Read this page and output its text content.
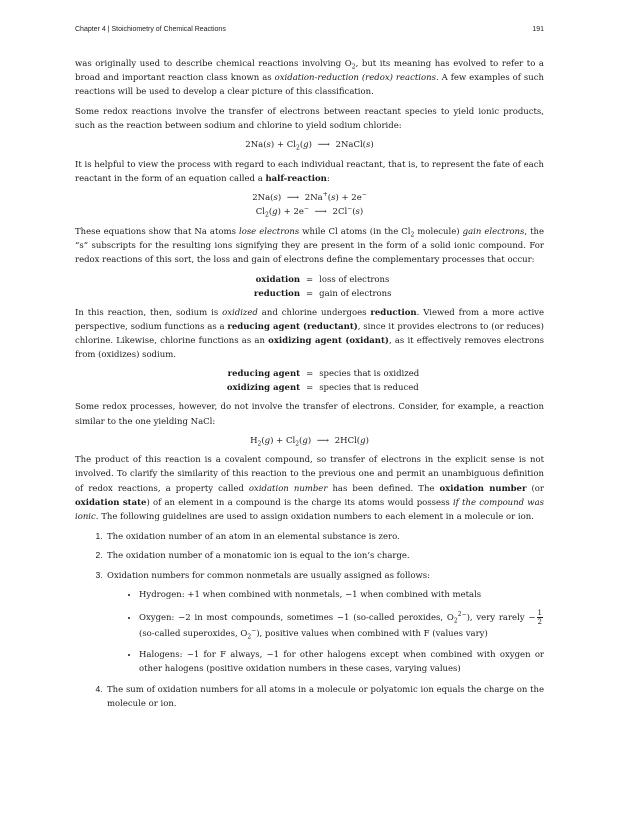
Chapter 4 | Stoichiometry of Chemical Reactions	191

was originally used to describe chemical reactions involving $O_2$, but its meaning has evolved to refer to a broad and important reaction class known as oxidation-reduction (redox) reactions. A few examples of such reactions will be used to develop a clear picture of this classification.

Some redox reactions involve the transfer of electrons between reactant species to yield ionic products, such as the reaction between sodium and chlorine to yield sodium chloride:

$2Na(s) + Cl_2(g)$ ⟶ 2NaCl(s)

It is helpful to view the process with regard to each individual reactant, that is, to represent the fate of each reactant in the form of an equation called a half-reaction:

2Na(s) ⟶ 2Na+(s) + 2e−
$Cl_2(g) + 2e^-$ ⟶ 2Cl−(s)

These equations show that Na atoms lose electrons while Cl atoms (in the $Cl_2$ molecule) gain electrons, the “s” subscripts for the resulting ions signifying they are present in the form of a solid ionic compound. For redox reactions of this sort, the loss and gain of electrons define the complementary processes that occur:

oxidation	=	loss of electrons
reduction	=	gain of electrons

In this reaction, then, sodium is oxidized and chlorine undergoes reduction. Viewed from a more active perspective, sodium functions as a reducing agent (reductant), since it provides electrons to (or reduces) chlorine. Likewise, chlorine functions as an oxidizing agent (oxidant), as it effectively removes electrons from (oxidizes) sodium.

reducing agent	=	species that is oxidized
oxidizing agent	=	species that is reduced

Some redox processes, however, do not involve the transfer of electrons. Consider, for example, a reaction similar to the one yielding NaCl:

$H_2(g) + Cl_2(g)$ ⟶ 2HCl(g)

The product of this reaction is a covalent compound, so transfer of electrons in the explicit sense is not involved. To clarify the similarity of this reaction to the previous one and permit an unambiguous definition of redox reactions, a property called oxidation number has been defined. The oxidation number (or oxidation state) of an element in a compound is the charge its atoms would possess if the compound was ionic. The following guidelines are used to assign oxidation numbers to each element in a molecule or ion.

1. The oxidation number of an atom in an elemental substance is zero.
2. The oxidation number of a monatomic ion is equal to the ion’s charge.
3. Oxidation numbers for common nonmetals are usually assigned as follows:
• Hydrogen: +1 when combined with nonmetals, −1 when combined with metals
• Oxygen: −2 in most compounds, sometimes −1 (so-called peroxides, $O_2^{2-}$), very rarely − $\frac{1}{2}$
(so-called superoxides, $O_2^-$), positive values when combined with F (values vary)
• Halogens: −1 for F always, −1 for other halogens except when combined with oxygen or other halogens (positive oxidation numbers in these cases, varying values)
4. The sum of oxidation numbers for all atoms in a molecule or polyatomic ion equals the charge on the molecule or ion.
